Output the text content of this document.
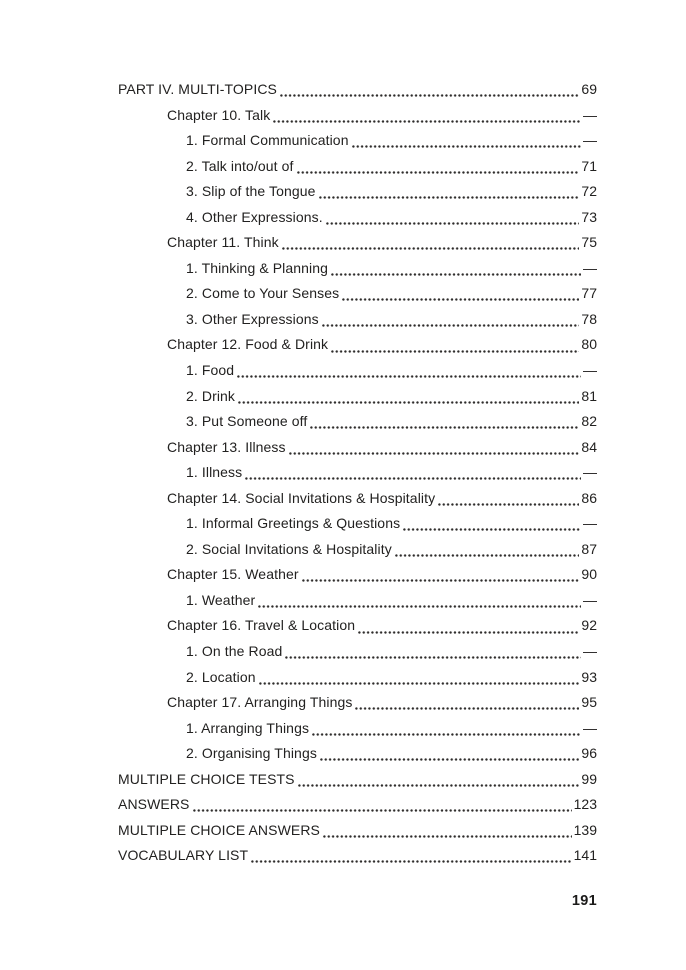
PART IV. MULTI-TOPICS	69
Chapter 10. Talk	—
1. Formal Communication	—
2. Talk into/out of	71
3. Slip of the Tongue	72
4. Other Expressions.	73
Chapter 11. Think	75
1. Thinking & Planning	—
2. Come to Your Senses	77
3. Other Expressions	78
Chapter 12. Food & Drink	80
1. Food	—
2. Drink	81
3. Put Someone off	82
Chapter 13. Illness	84
1. Illness	—
Chapter 14. Social Invitations & Hospitality	86
1. Informal Greetings & Questions	—
2. Social Invitations & Hospitality	87
Chapter 15. Weather	90
1. Weather	—
Chapter 16. Travel & Location	92
1. On the Road	—
2. Location	93
Chapter 17. Arranging Things	95
1. Arranging Things	—
2. Organising Things	96
MULTIPLE CHOICE TESTS	99
ANSWERS	123
MULTIPLE CHOICE ANSWERS	139
VOCABULARY LIST	141
191
